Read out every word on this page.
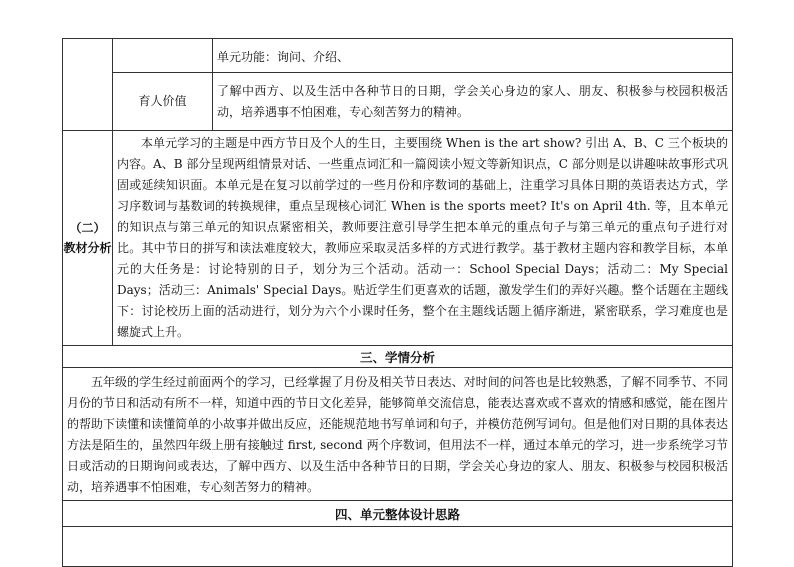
		单元功能：询问、介绍、
	育人价值	了解中西方、以及生活中各种节日的日期，学会关心身边的家人、朋友、积极参与校园积极活动，培养遇事不怕困难，专心刻苦努力的精神。

（二）
教材分析	本单元学习的主题是中西方节日及个人的生日，主要围绕 When is the art show? 引出 A、B、C 三个板块的内容。A、B 部分呈现两组情景对话、一些重点词汇和一篇阅读小短文等新知识点，C 部分则是以讲趣味故事形式巩固或延续知识面。本单元是在复习以前学过的一些月份和序数词的基础上，注重学习具体日期的英语表达方式，学习序数词与基数词的转换规律，重点呈现核心词汇 When is the sports meet? It's on April 4th. 等，且本单元的知识点与第三单元的知识点紧密相关，教师要注意引导学生把本单元的重点句子与第三单元的重点句子进行对比。其中节日的拼写和读法难度较大，教师应采取灵活多样的方式进行教学。基于教材主题内容和教学目标，本单元的大任务是：讨论特别的日子，划分为三个活动。活动一：School Special Days；活动二：My Special Days；活动三：Animals' Special Days。贴近学生们更喜欢的话题，激发学生们的弄好兴趣。整个话题在主题线下：讨论校历上面的活动进行，划分为六个小课时任务，整个在主题线话题上循序渐进，紧密联系，学习难度也是螺旋式上升。	

三、学情分析		

五年级的学生经过前面两个的学习，已经掌握了月份及相关节日表达、对时间的问答也是比较熟悉，了解不同季节、不同月份的节日和活动有所不一样，知道中西的节日文化差异，能够简单交流信息，能表达喜欢或不喜欢的情感和感觉，能在图片的帮助下读懂和读懂简单的小故事并做出反应，还能规范地书写单词和句子，并模仿范例写词句。但是他们对日期的具体表达方法是陌生的，虽然四年级上册有接触过 first, second 两个序数词，但用法不一样，通过本单元的学习，进一步系统学习节日或活动的日期询问或表达，了解中西方、以及生活中各种节日的日期，学会关心身边的家人、朋友、积极参与校园积极活动，培养遇事不怕困难，专心刻苦努力的精神。		

四、单元整体设计思路		
